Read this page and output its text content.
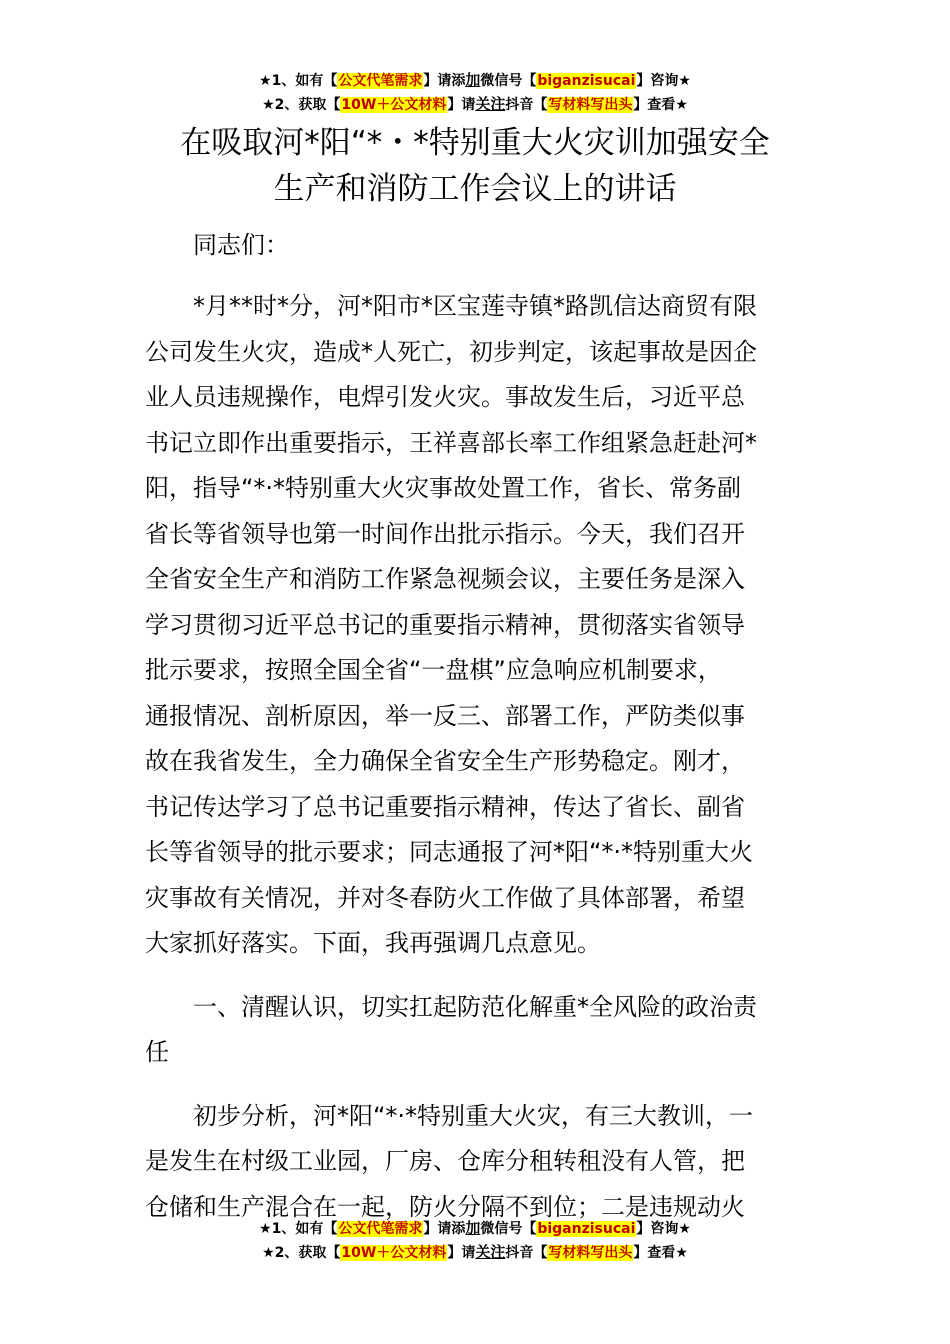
★1、如有【公文代笔需求】请添加微信号【biganzisucai】咨询★
★2、获取【10W＋公文材料】请关注抖音【写材料写出头】查看★
在吸取河*阳“*・*特别重大火灾训加强安全
生产和消防工作会议上的讲话
同志们：
*月**时*分，河*阳市*区宝莲寺镇*路凯信达商贸有限
公司发生火灾，造成*人死亡，初步判定，该起事故是因企
业人员违规操作，电焊引发火灾。事故发生后，习近平总
书记立即作出重要指示，王祥喜部长率工作组紧急赶赴河*
阳，指导“*·*特别重大火灾事故处置工作，省长、常务副
省长等省领导也第一时间作出批示指示。今天，我们召开
全省安全生产和消防工作紧急视频会议，主要任务是深入
学习贯彻习近平总书记的重要指示精神，贯彻落实省领导
批示要求，按照全国全省“一盘棋”应急响应机制要求，
通报情况、剖析原因，举一反三、部署工作，严防类似事
故在我省发生，全力确保全省安全生产形势稳定。刚才，
书记传达学习了总书记重要指示精神，传达了省长、副省
长等省领导的批示要求；同志通报了河*阳“*·*特别重大火
灾事故有关情况，并对冬春防火工作做了具体部署，希望
大家抓好落实。下面，我再强调几点意见。
一、清醒认识，切实扛起防范化解重*全风险的政治责
任
初步分析，河*阳“*·*特别重大火灾，有三大教训，一
是发生在村级工业园，厂房、仓库分租转租没有人管，把
仓储和生产混合在一起，防火分隔不到位；二是违规动火
★1、如有【公文代笔需求】请添加微信号【biganzisucai】咨询★
★2、获取【10W＋公文材料】请关注抖音【写材料写出头】查看★
